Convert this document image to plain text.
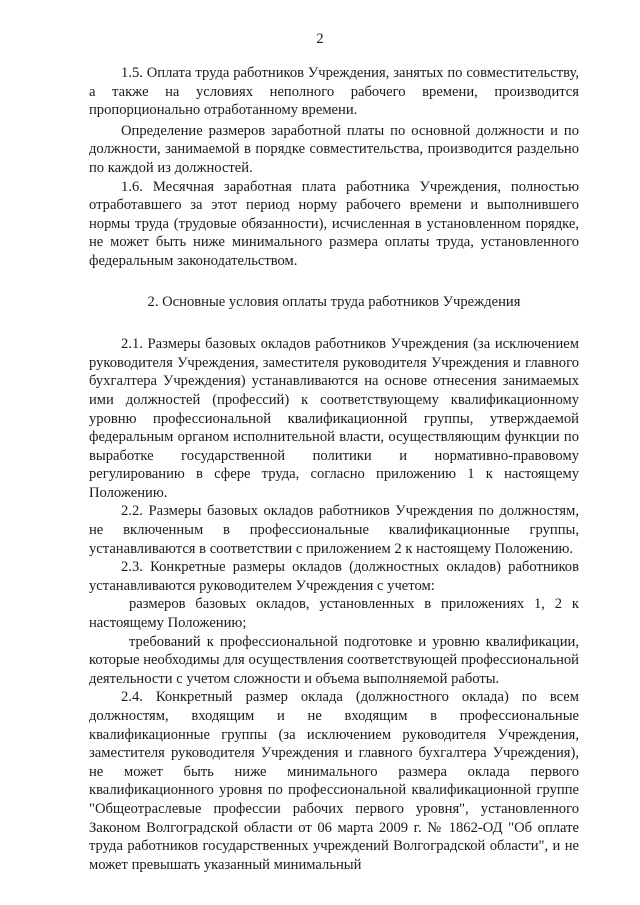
2

1.5. Оплата труда работников Учреждения, занятых по совместительству, а также на условиях неполного рабочего времени, производится пропорционально отработанному времени.

Определение размеров заработной платы по основной должности и по должности, занимаемой в порядке совместительства, производится раздельно по каждой из должностей.

1.6. Месячная заработная плата работника Учреждения, полностью отработавшего за этот период норму рабочего времени и выполнившего нормы труда (трудовые обязанности), исчисленная в установленном порядке, не может быть ниже минимального размера оплаты труда, установленного федеральным законодательством.

2. Основные условия оплаты труда работников Учреждения

2.1. Размеры базовых окладов работников Учреждения (за исключением руководителя Учреждения, заместителя руководителя Учреждения и главного бухгалтера Учреждения) устанавливаются на основе отнесения занимаемых ими должностей (профессий) к соответствующему квалификационному уровню профессиональной квалификационной группы, утверждаемой федеральным органом исполнительной власти, осуществляющим функции по выработке государственной политики и нормативно-правовому регулированию в сфере труда, согласно приложению 1 к настоящему Положению.

2.2. Размеры базовых окладов работников Учреждения по должностям, не включенным в профессиональные квалификационные группы, устанавливаются в соответствии с приложением 2 к настоящему Положению.

2.3. Конкретные размеры окладов (должностных окладов) работников устанавливаются руководителем Учреждения с учетом:

размеров базовых окладов, установленных в приложениях 1, 2 к настоящему Положению;

требований к профессиональной подготовке и уровню квалификации, которые необходимы для осуществления соответствующей профессиональной деятельности с учетом сложности и объема выполняемой работы.

2.4. Конкретный размер оклада (должностного оклада) по всем должностям, входящим и не входящим в профессиональные квалификационные группы (за исключением руководителя Учреждения, заместителя руководителя Учреждения и главного бухгалтера Учреждения), не может быть ниже минимального размера оклада первого квалификационного уровня по профессиональной квалификационной группе "Общеотраслевые профессии рабочих первого уровня", установленного Законом Волгоградской области от 06 марта 2009 г. № 1862-ОД "Об оплате труда работников государственных учреждений Волгоградской области", и не может превышать указанный минимальный
